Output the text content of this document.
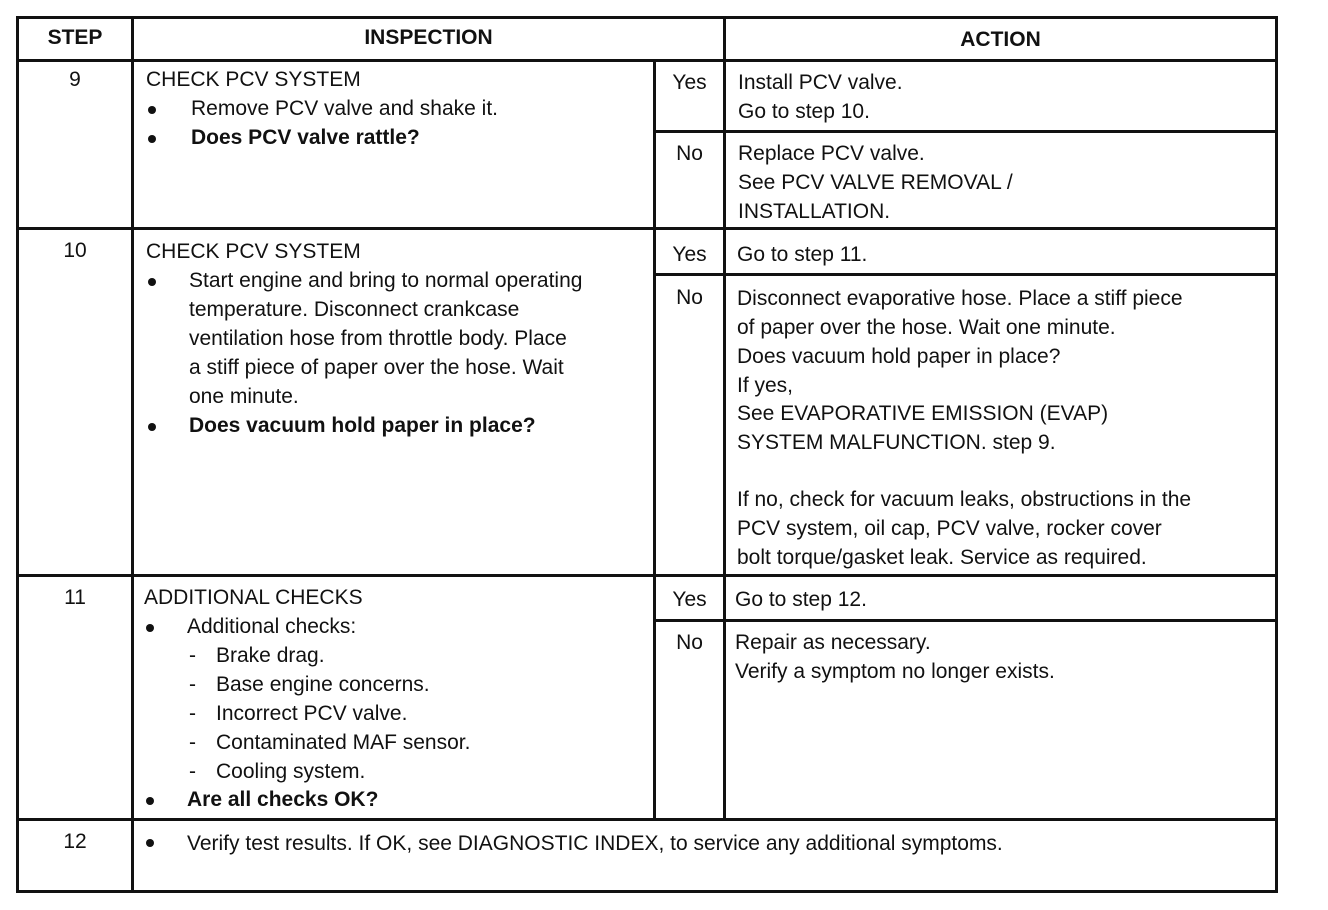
STEP	INSPECTION	ACTION
9	CHECK PCV SYSTEM
Remove PCV valve and shake it.
Does PCV valve rattle?
Yes	Install PCV valve.
Go to step 10.
No	Replace PCV valve.
See PCV VALVE REMOVAL /
INSTALLATION.
10	CHECK PCV SYSTEM
Start engine and bring to normal operating
temperature. Disconnect crankcase
ventilation hose from throttle body. Place
a stiff piece of paper over the hose. Wait
one minute.
Does vacuum hold paper in place?
Yes	Go to step 11.
No	Disconnect evaporative hose. Place a stiff piece
of paper over the hose. Wait one minute.
Does vacuum hold paper in place?
If yes,
See EVAPORATIVE EMISSION (EVAP)
SYSTEM MALFUNCTION. step 9.
If no, check for vacuum leaks, obstructions in the
PCV system, oil cap, PCV valve, rocker cover
bolt torque/gasket leak. Service as required.
11	ADDITIONAL CHECKS
Additional checks:
- Brake drag.
- Base engine concerns.
- Incorrect PCV valve.
- Contaminated MAF sensor.
- Cooling system.
Are all checks OK?
Yes	Go to step 12.
No	Repair as necessary.
Verify a symptom no longer exists.
12	Verify test results. If OK, see DIAGNOSTIC INDEX, to service any additional symptoms.
